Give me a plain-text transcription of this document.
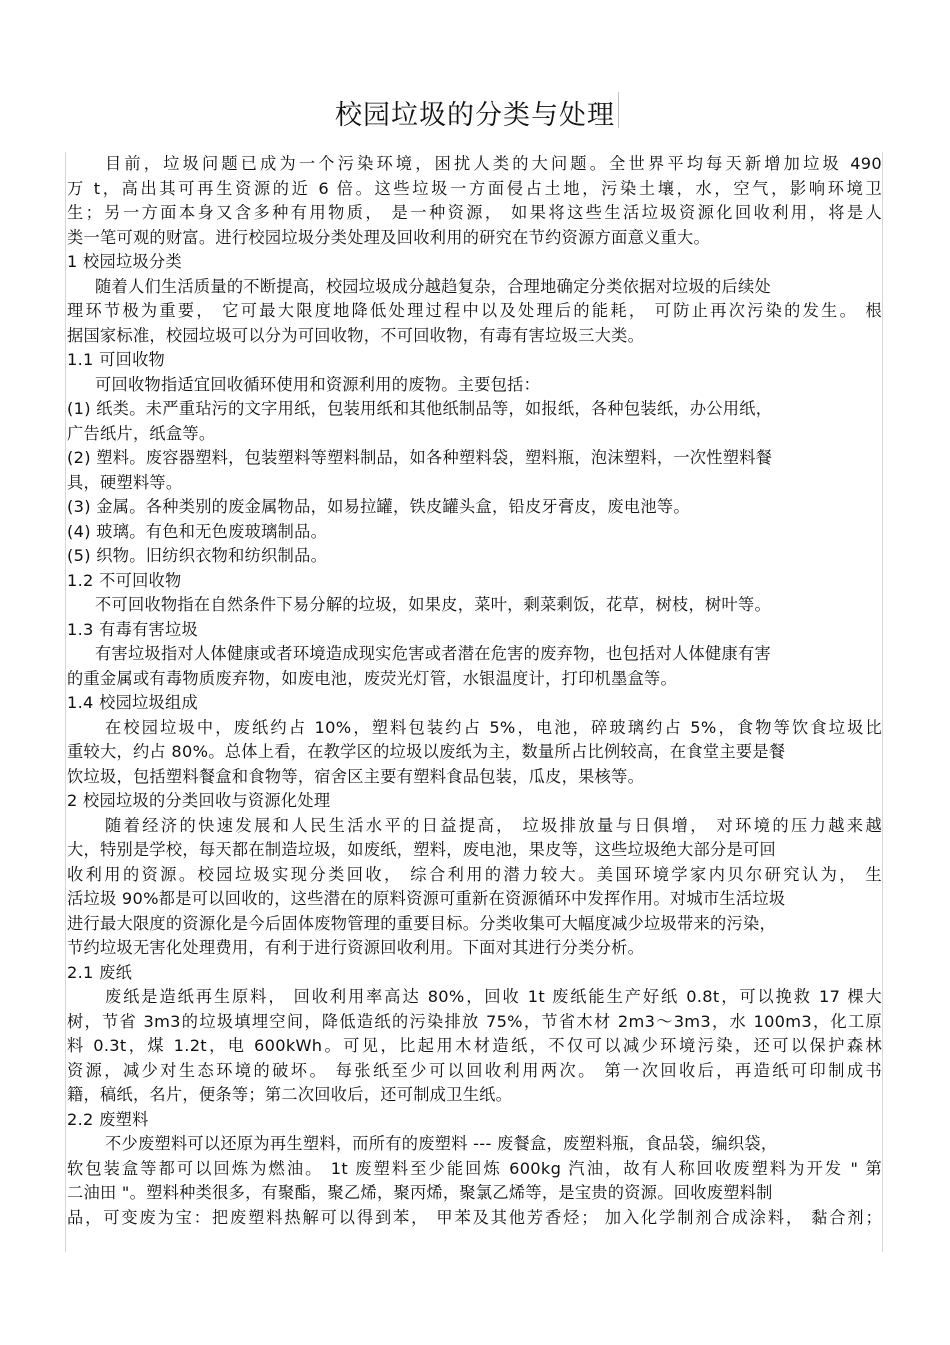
校园垃圾的分类与处理
目前，垃圾问题已成为一个污染环境，困扰人类的大问题。全世界平均每天新增加垃圾 490
万 t，高出其可再生资源的近 6 倍。这些垃圾一方面侵占土地，污染土壤，水，空气，影响环境卫
生；另一方面本身又含多种有用物质， 是一种资源， 如果将这些生活垃圾资源化回收利用，将是人
类一笔可观的财富。进行校园垃圾分类处理及回收利用的研究在节约资源方面意义重大。
1 校园垃圾分类
随着人们生活质量的不断提高，校园垃圾成分越趋复杂，合理地确定分类依据对垃圾的后续处
理环节极为重要， 它可最大限度地降低处理过程中以及处理后的能耗， 可防止再次污染的发生。 根
据国家标准，校园垃圾可以分为可回收物，不可回收物，有毒有害垃圾三大类。
1.1 可回收物
可回收物指适宜回收循环使用和资源利用的废物。主要包括：
(1) 纸类。未严重玷污的文字用纸，包装用纸和其他纸制品等，如报纸，各种包装纸，办公用纸，
广告纸片，纸盒等。
(2) 塑料。废容器塑料，包装塑料等塑料制品，如各种塑料袋，塑料瓶，泡沫塑料，一次性塑料餐
具，硬塑料等。
(3) 金属。各种类别的废金属物品，如易拉罐，铁皮罐头盒，铅皮牙膏皮，废电池等。
(4) 玻璃。有色和无色废玻璃制品。
(5) 织物。旧纺织衣物和纺织制品。
1.2 不可回收物
不可回收物指在自然条件下易分解的垃圾，如果皮，菜叶，剩菜剩饭，花草，树枝，树叶等。
1.3 有毒有害垃圾
有害垃圾指对人体健康或者环境造成现实危害或者潜在危害的废弃物，也包括对人体健康有害
的重金属或有毒物质废弃物，如废电池，废荧光灯管，水银温度计，打印机墨盒等。
1.4 校园垃圾组成
在校园垃圾中，废纸约占 10%，塑料包装约占 5%，电池，碎玻璃约占 5%，食物等饮食垃圾比
重较大，约占 80%。总体上看，在教学区的垃圾以废纸为主，数量所占比例较高，在食堂主要是餐
饮垃圾，包括塑料餐盒和食物等，宿舍区主要有塑料食品包装，瓜皮，果核等。
2 校园垃圾的分类回收与资源化处理
随着经济的快速发展和人民生活水平的日益提高， 垃圾排放量与日俱增， 对环境的压力越来越
大，特别是学校，每天都在制造垃圾，如废纸，塑料，废电池，果皮等，这些垃圾绝大部分是可回
收利用的资源。校园垃圾实现分类回收， 综合利用的潜力较大。美国环境学家内贝尔研究认为， 生
活垃圾 90%都是可以回收的，这些潜在的原料资源可重新在资源循环中发挥作用。对城市生活垃圾
进行最大限度的资源化是今后固体废物管理的重要目标。分类收集可大幅度减少垃圾带来的污染，
节约垃圾无害化处理费用，有利于进行资源回收利用。下面对其进行分类分析。
2.1 废纸
废纸是造纸再生原料， 回收利用率高达 80%，回收 1t 废纸能生产好纸 0.8t，可以挽救 17 棵大
树，节省 3m3的垃圾填埋空间，降低造纸的污染排放 75%，节省木材 2m3～3m3，水 100m3，化工原
料 0.3t，煤 1.2t，电 600kWh。可见，比起用木材造纸，不仅可以减少环境污染，还可以保护森林
资源，减少对生态环境的破坏。 每张纸至少可以回收利用两次。 第一次回收后，再造纸可印制成书
籍，稿纸，名片，便条等；第二次回收后，还可制成卫生纸。
2.2 废塑料
不少废塑料可以还原为再生塑料，而所有的废塑料 --- 废餐盒，废塑料瓶，食品袋，编织袋，
软包装盒等都可以回炼为燃油。 1t 废塑料至少能回炼 600kg 汽油，故有人称回收废塑料为开发 " 第
二油田 "。塑料种类很多，有聚酯，聚乙烯，聚丙烯，聚氯乙烯等，是宝贵的资源。回收废塑料制
品，可变废为宝：把废塑料热解可以得到苯， 甲苯及其他芳香烃； 加入化学制剂合成涂料， 黏合剂；
